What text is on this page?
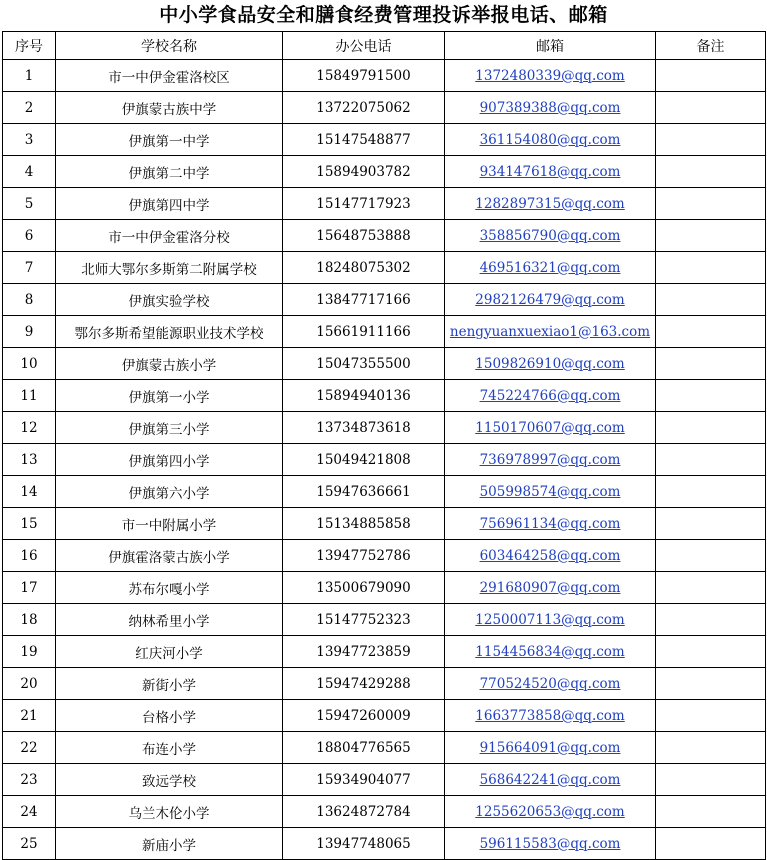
中小学食品安全和膳食经费管理投诉举报电话、邮箱
序号	学校名称	办公电话	邮箱	备注
1	市一中伊金霍洛校区	15849791500	1372480339@qq.com	
2	伊旗蒙古族中学	13722075062	907389388@qq.com	
3	伊旗第一中学	15147548877	361154080@qq.com	
4	伊旗第二中学	15894903782	934147618@qq.com	
5	伊旗第四中学	15147717923	1282897315@qq.com	
6	市一中伊金霍洛分校	15648753888	358856790@qq.com	
7	北师大鄂尔多斯第二附属学校	18248075302	469516321@qq.com	
8	伊旗实验学校	13847717166	2982126479@qq.com	
9	鄂尔多斯希望能源职业技术学校	15661911166	nengyuanxuexiao1@163.com	
10	伊旗蒙古族小学	15047355500	1509826910@qq.com	
11	伊旗第一小学	15894940136	745224766@qq.com	
12	伊旗第三小学	13734873618	1150170607@qq.com	
13	伊旗第四小学	15049421808	736978997@qq.com	
14	伊旗第六小学	15947636661	505998574@qq.com	
15	市一中附属小学	15134885858	756961134@qq.com	
16	伊旗霍洛蒙古族小学	13947752786	603464258@qq.com	
17	苏布尔嘎小学	13500679090	291680907@qq.com	
18	纳林希里小学	15147752323	1250007113@qq.com	
19	红庆河小学	13947723859	1154456834@qq.com	
20	新街小学	15947429288	770524520@qq.com	
21	台格小学	15947260009	1663773858@qq.com	
22	布连小学	18804776565	915664091@qq.com	
23	致远学校	15934904077	568642241@qq.com	
24	乌兰木伦小学	13624872784	1255620653@qq.com	
25	新庙小学	13947748065	596115583@qq.com	
